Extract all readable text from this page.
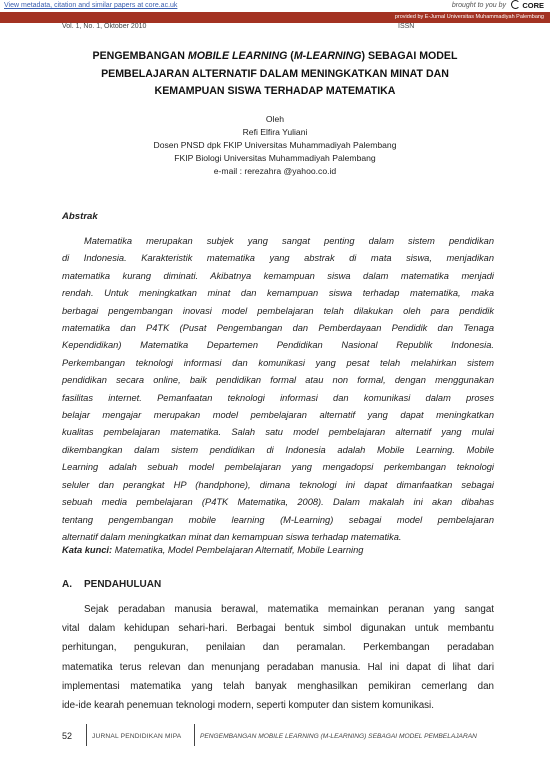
View metadata, citation and similar papers at core.ac.uk	brought to you by	CORE
provided by E-Jurnal Universitas Muhammadiyah Palembang
Vol. 1, No. 1, Oktober 2010	ISSN
PENGEMBANGAN MOBILE LEARNING (M-LEARNING) SEBAGAI MODEL
PEMBELAJARAN ALTERNATIF DALAM MENINGKATKAN MINAT DAN
KEMAMPUAN SISWA TERHADAP MATEMATIKA
Oleh
Refi Elfira Yuliani
Dosen PNSD dpk FKIP Universitas Muhammadiyah Palembang
FKIP Biologi Universitas Muhammadiyah Palembang
e-mail : rerezahra @yahoo.co.id
Abstrak
Matematika merupakan subjek yang sangat penting dalam sistem pendidikan
di Indonesia. Karakteristik matematika yang abstrak di mata siswa, menjadikan
matematika kurang diminati. Akibatnya kemampuan siswa dalam matematika menjadi
rendah. Untuk meningkatkan minat dan kemampuan siswa terhadap matematika, maka
berbagai pengembangan inovasi model pembelajaran telah dilakukan oleh para pendidik
matematika dan P4TK (Pusat Pengembangan dan Pemberdayaan Pendidik dan Tenaga
Kependidikan) Matematika Departemen Pendidikan Nasional Republik Indonesia.
Perkembangan teknologi informasi dan komunikasi yang pesat telah melahirkan sistem
pendidikan secara online, baik pendidikan formal atau non formal, dengan menggunakan
fasilitas internet. Pemanfaatan teknologi informasi dan komunikasi dalam proses
belajar mengajar merupakan model pembelajaran alternatif yang dapat meningkatkan
kualitas pembelajaran matematika. Salah satu model pembelajaran alternatif yang mulai
dikembangkan dalam sistem pendidikan di Indonesia adalah Mobile Learning. Mobile
Learning adalah sebuah model pembelajaran yang mengadopsi perkembangan teknologi
seluler dan perangkat HP (handphone), dimana teknologi ini dapat dimanfaatkan sebagai
sebuah media pembelajaran (P4TK Matematika, 2008). Dalam makalah ini akan dibahas
tentang pengembangan mobile learning (M-Learning) sebagai model pembelajaran
alternatif dalam meningkatkan minat dan kemampuan siswa terhadap matematika.
Kata kunci: Matematika, Model Pembelajaran Alternatif, Mobile Learning
A. PENDAHULUAN
Sejak peradaban manusia berawal, matematika memainkan peranan yang sangat
vital dalam kehidupan sehari-hari. Berbagai bentuk simbol digunakan untuk membantu
perhitungan, pengukuran, penilaian dan peramalan. Perkembangan peradaban
matematika terus relevan dan menunjang peradaban manusia. Hal ini dapat di lihat dari
implementasi matematika yang telah banyak menghasilkan pemikiran cemerlang dan
ide-ide kearah penemuan teknologi modern, seperti komputer dan sistem komunikasi.
52	JURNAL PENDIDIKAN MIPA	PENGEMBANGAN MOBILE LEARNING (M-LEARNING) SEBAGAI MODEL PEMBELAJARAN
